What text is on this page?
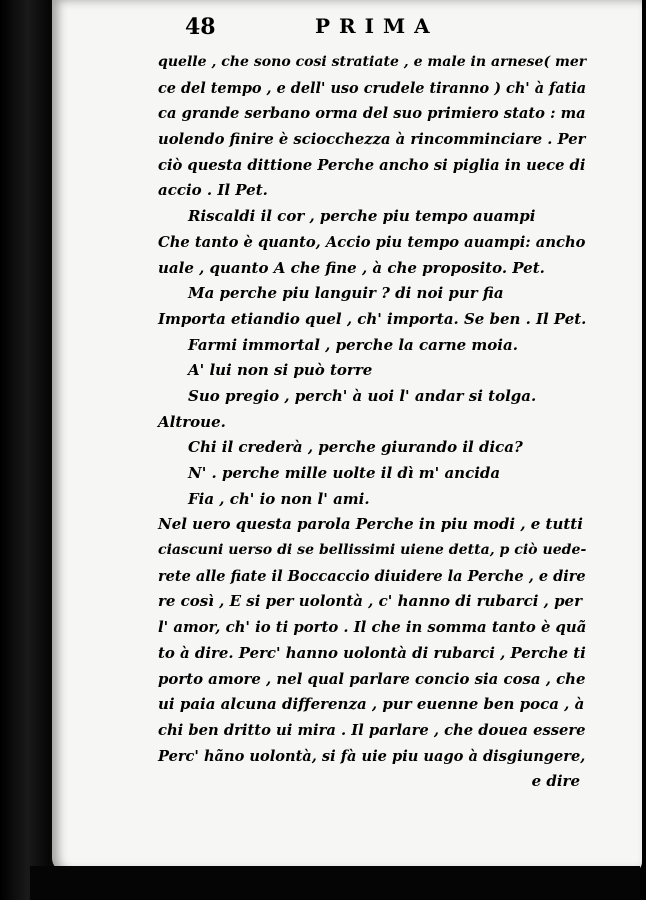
48	PRIMA
quelle , che sono cosi stratiate , e male in arnese( mer
ce del tempo , e dell' uso crudele tiranno ) ch' à fatia
ca grande serbano orma del suo primiero stato : ma
uolendo finire è sciocchezza à rincomminciare . Per
ciò questa dittione Perche ancho si piglia in uece di
accio . Il Pet.
Riscaldi il cor , perche piu tempo auampi
Che tanto è quanto, Accio piu tempo auampi: ancho
uale , quanto A che fine , à che proposito. Pet.
Ma perche piu languir ? di noi pur fia
Importa etiandio quel , ch' importa. Se ben . Il Pet.
Farmi immortal , perche la carne moia.
A' lui non si può torre
Suo pregio , perch' à uoi l' andar si tolga.
Altroue.
Chi il crederà , perche giurando il dica?
N' . perche mille uolte il dì m' ancida
Fia , ch' io non l' ami.
Nel uero questa parola Perche in piu modi , e tutti
ciascuni uerso di se bellissimi uiene detta, p ciò uede-
rete alle fiate il Boccaccio diuidere la Perche , e dire
re così , E si per uolontà , c' hanno di rubarci , per
l' amor, ch' io ti porto . Il che in somma tanto è quã
to à dire. Perc' hanno uolontà di rubarci , Perche ti
porto amore , nel qual parlare concio sia cosa , che
ui paia alcuna differenza , pur euenne ben poca , à
chi ben dritto ui mira . Il parlare , che douea essere
Perc' hãno uolontà, si fà uie piu uago à disgiungere,
e dire
